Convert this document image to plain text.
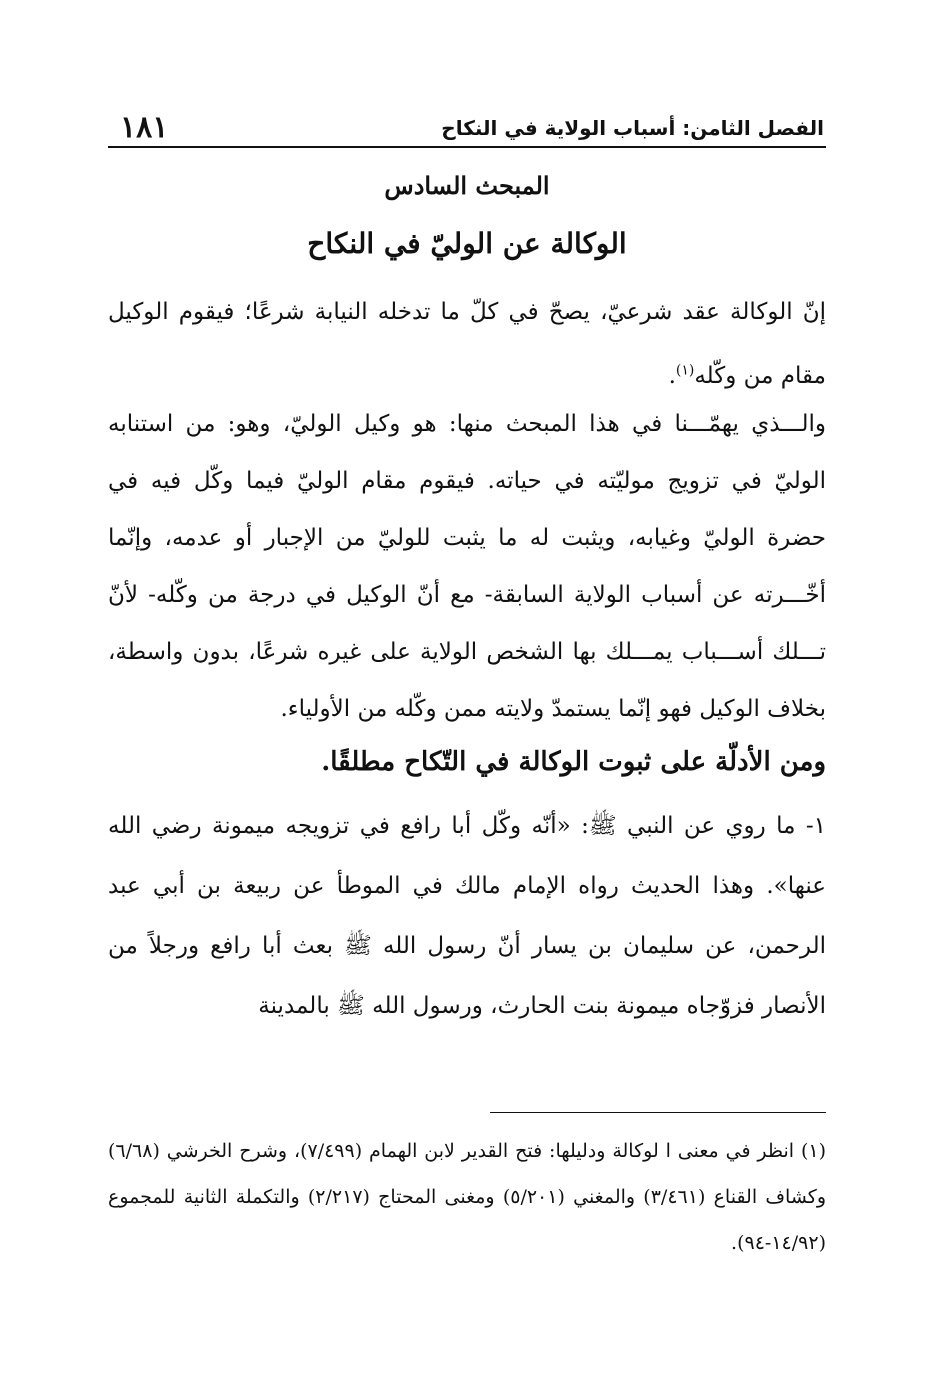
١٨١	الفصل الثامن: أسباب الولاية في النكاح
المبحث السادس
الوكالة عن الوليّ في النكاح

إنّ الوكالة عقد شرعيّ، يصحّ في كلّ ما تدخله النيابة شرعًا؛ فيقوم الوكيل مقام من وكّله$^{(١)}$.

والـــذي يهمّـــنا في هذا المبحث منها: هو وكيل الوليّ، وهو: من استنابه الوليّ في تزويج موليّته في حياته. فيقوم مقام الوليّ فيما وكّل فيه في حضرة الوليّ وغيابه، ويثبت له ما يثبت للوليّ من الإجبار أو عدمه، وإنّما أخّـــرته عن أسباب الولاية السابقة- مع أنّ الوكيل في درجة من وكّله- لأنّ تـــلك أســـباب يمـــلك بها الشخص الولاية على غيره شرعًا، بدون واسطة، بخلاف الوكيل فهو إنّما يستمدّ ولايته ممن وكّله من الأولياء.

ومن الأدلّة على ثبوت الوكالة في التّكاح مطلقًا.

١- ما روي عن النبي ﷺ: «أنّه وكّل أبا رافع في تزويجه ميمونة رضي الله عنها». وهذا الحديث رواه الإمام مالك في الموطأ عن ربيعة بن أبي عبد الرحمن، عن سليمان بن يسار أنّ رسول الله ﷺ بعث أبا رافع ورجلاً من الأنصار فزوّجاه ميمونة بنت الحارث، ورسول الله ﷺ بالمدينة

(١) انظر في معنى ا لوكالة ودليلها: فتح القدير لابن الهمام (٧/٤٩٩)، وشرح الخرشي (٦/٦٨) وكشاف القناع (٣/٤٦١) والمغني (٥/٢٠١) ومغنى المحتاج (٢/٢١٧) والتكملة الثانية للمجموع (١٤/٩٢-٩٤).
